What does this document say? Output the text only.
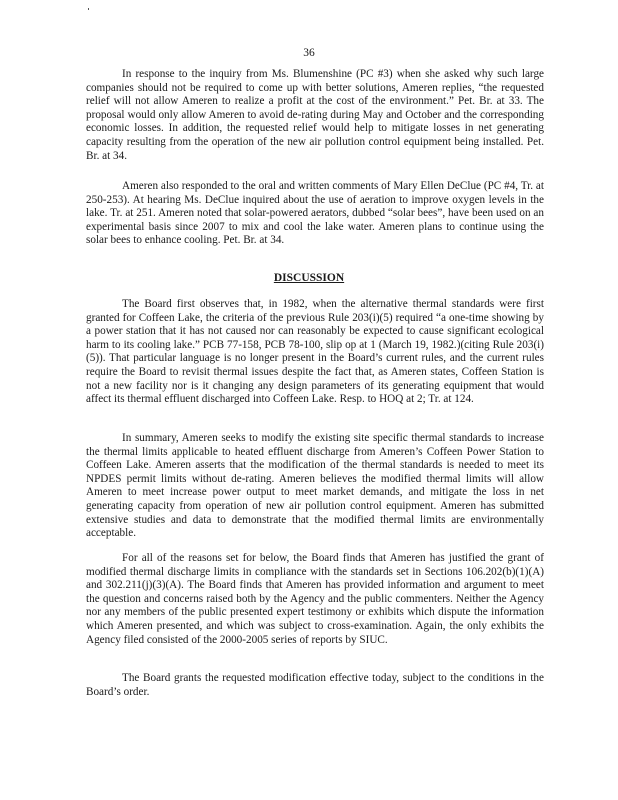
36

In response to the inquiry from Ms. Blumenshine (PC #3) when she asked why such large companies should not be required to come up with better solutions, Ameren replies, “the requested relief will not allow Ameren to realize a profit at the cost of the environment.” Pet. Br. at 33. The proposal would only allow Ameren to avoid de-rating during May and October and the corresponding economic losses. In addition, the requested relief would help to mitigate losses in net generating capacity resulting from the operation of the new air pollution control equipment being installed. Pet. Br. at 34.

Ameren also responded to the oral and written comments of Mary Ellen DeClue (PC #4, Tr. at 250-253). At hearing Ms. DeClue inquired about the use of aeration to improve oxygen levels in the lake. Tr. at 251. Ameren noted that solar-powered aerators, dubbed “solar bees”, have been used on an experimental basis since 2007 to mix and cool the lake water. Ameren plans to continue using the solar bees to enhance cooling. Pet. Br. at 34.

DISCUSSION

The Board first observes that, in 1982, when the alternative thermal standards were first granted for Coffeen Lake, the criteria of the previous Rule 203(i)(5) required “a one-time showing by a power station that it has not caused nor can reasonably be expected to cause significant ecological harm to its cooling lake.” PCB 77-158, PCB 78-100, slip op at 1 (March 19, 1982.)(citing Rule 203(i)(5)). That particular language is no longer present in the Board’s current rules, and the current rules require the Board to revisit thermal issues despite the fact that, as Ameren states, Coffeen Station is not a new facility nor is it changing any design parameters of its generating equipment that would affect its thermal effluent discharged into Coffeen Lake. Resp. to HOQ at 2; Tr. at 124.

In summary, Ameren seeks to modify the existing site specific thermal standards to increase the thermal limits applicable to heated effluent discharge from Ameren’s Coffeen Power Station to Coffeen Lake. Ameren asserts that the modification of the thermal standards is needed to meet its NPDES permit limits without de-rating. Ameren believes the modified thermal limits will allow Ameren to meet increase power output to meet market demands, and mitigate the loss in net generating capacity from operation of new air pollution control equipment. Ameren has submitted extensive studies and data to demonstrate that the modified thermal limits are environmentally acceptable.

For all of the reasons set for below, the Board finds that Ameren has justified the grant of modified thermal discharge limits in compliance with the standards set in Sections 106.202(b)(1)(A) and 302.211(j)(3)(A). The Board finds that Ameren has provided information and argument to meet the question and concerns raised both by the Agency and the public commenters. Neither the Agency nor any members of the public presented expert testimony or exhibits which dispute the information which Ameren presented, and which was subject to cross-examination. Again, the only exhibits the Agency filed consisted of the 2000-2005 series of reports by SIUC.

The Board grants the requested modification effective today, subject to the conditions in the Board’s order.
